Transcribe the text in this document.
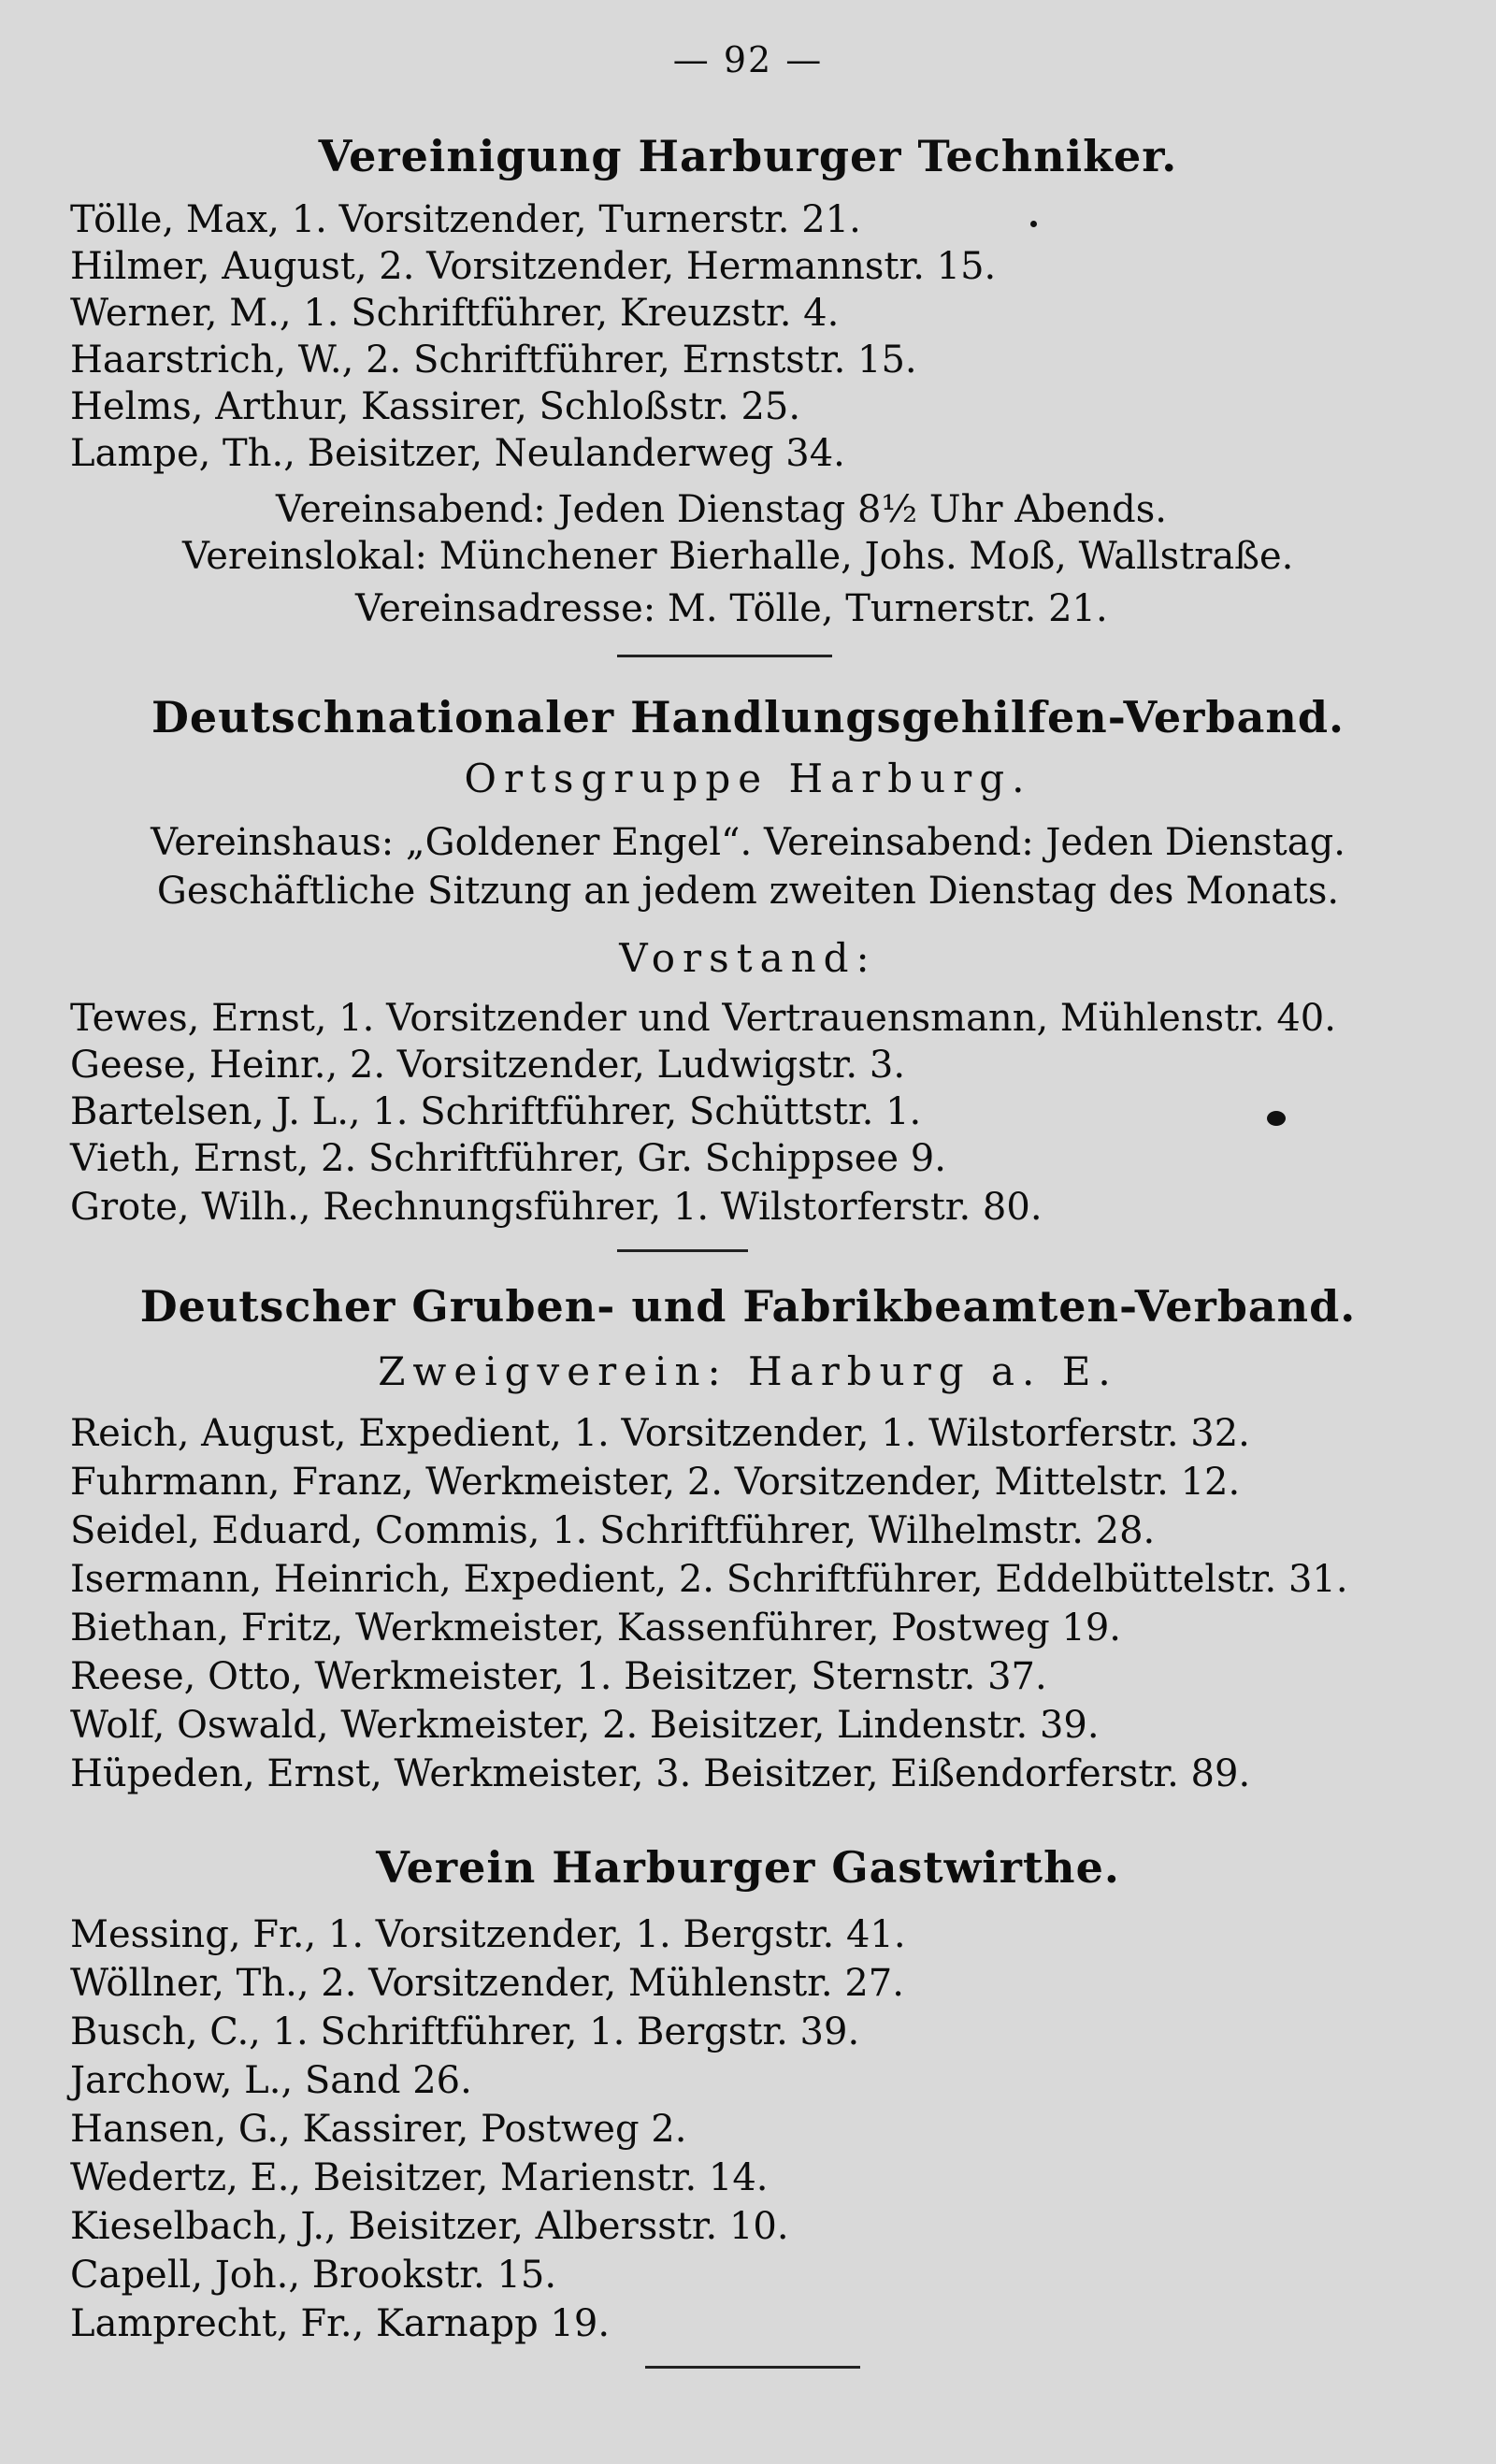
— 92 —
Vereinigung Harburger Techniker.
Tölle, Max, 1. Vorsitzender, Turnerstr. 21.
Hilmer, August, 2. Vorsitzender, Hermannstr. 15.
Werner, M., 1. Schriftführer, Kreuzstr. 4.
Haarstrich, W., 2. Schriftführer, Ernststr. 15.
Helms, Arthur, Kassirer, Schloßstr. 25.
Lampe, Th., Beisitzer, Neulanderweg 34.
Vereinsabend: Jeden Dienstag 8½ Uhr Abends.
Vereinslokal: Münchener Bierhalle, Johs. Moß, Wallstraße.
Vereinsadresse: M. Tölle, Turnerstr. 21.
Deutschnationaler Handlungsgehilfen-Verband.
Ortsgruppe Harburg.
Vereinshaus: „Goldener Engel“. Vereinsabend: Jeden Dienstag.
Geschäftliche Sitzung an jedem zweiten Dienstag des Monats.
Vorstand:
Tewes, Ernst, 1. Vorsitzender und Vertrauensmann, Mühlenstr. 40.
Geese, Heinr., 2. Vorsitzender, Ludwigstr. 3.
Bartelsen, J. L., 1. Schriftführer, Schüttstr. 1.
Vieth, Ernst, 2. Schriftführer, Gr. Schippsee 9.
Grote, Wilh., Rechnungsführer, 1. Wilstorferstr. 80.
Deutscher Gruben- und Fabrikbeamten-Verband.
Zweigverein: Harburg a. E.
Reich, August, Expedient, 1. Vorsitzender, 1. Wilstorferstr. 32.
Fuhrmann, Franz, Werkmeister, 2. Vorsitzender, Mittelstr. 12.
Seidel, Eduard, Commis, 1. Schriftführer, Wilhelmstr. 28.
Isermann, Heinrich, Expedient, 2. Schriftführer, Eddelbüttelstr. 31.
Biethan, Fritz, Werkmeister, Kassenführer, Postweg 19.
Reese, Otto, Werkmeister, 1. Beisitzer, Sternstr. 37.
Wolf, Oswald, Werkmeister, 2. Beisitzer, Lindenstr. 39.
Hüpeden, Ernst, Werkmeister, 3. Beisitzer, Eißendorferstr. 89.
Verein Harburger Gastwirthe.
Messing, Fr., 1. Vorsitzender, 1. Bergstr. 41.
Wöllner, Th., 2. Vorsitzender, Mühlenstr. 27.
Busch, C., 1. Schriftführer, 1. Bergstr. 39.
Jarchow, L., Sand 26.
Hansen, G., Kassirer, Postweg 2.
Wedertz, E., Beisitzer, Marienstr. 14.
Kieselbach, J., Beisitzer, Albersstr. 10.
Capell, Joh., Brookstr. 15.
Lamprecht, Fr., Karnapp 19.
